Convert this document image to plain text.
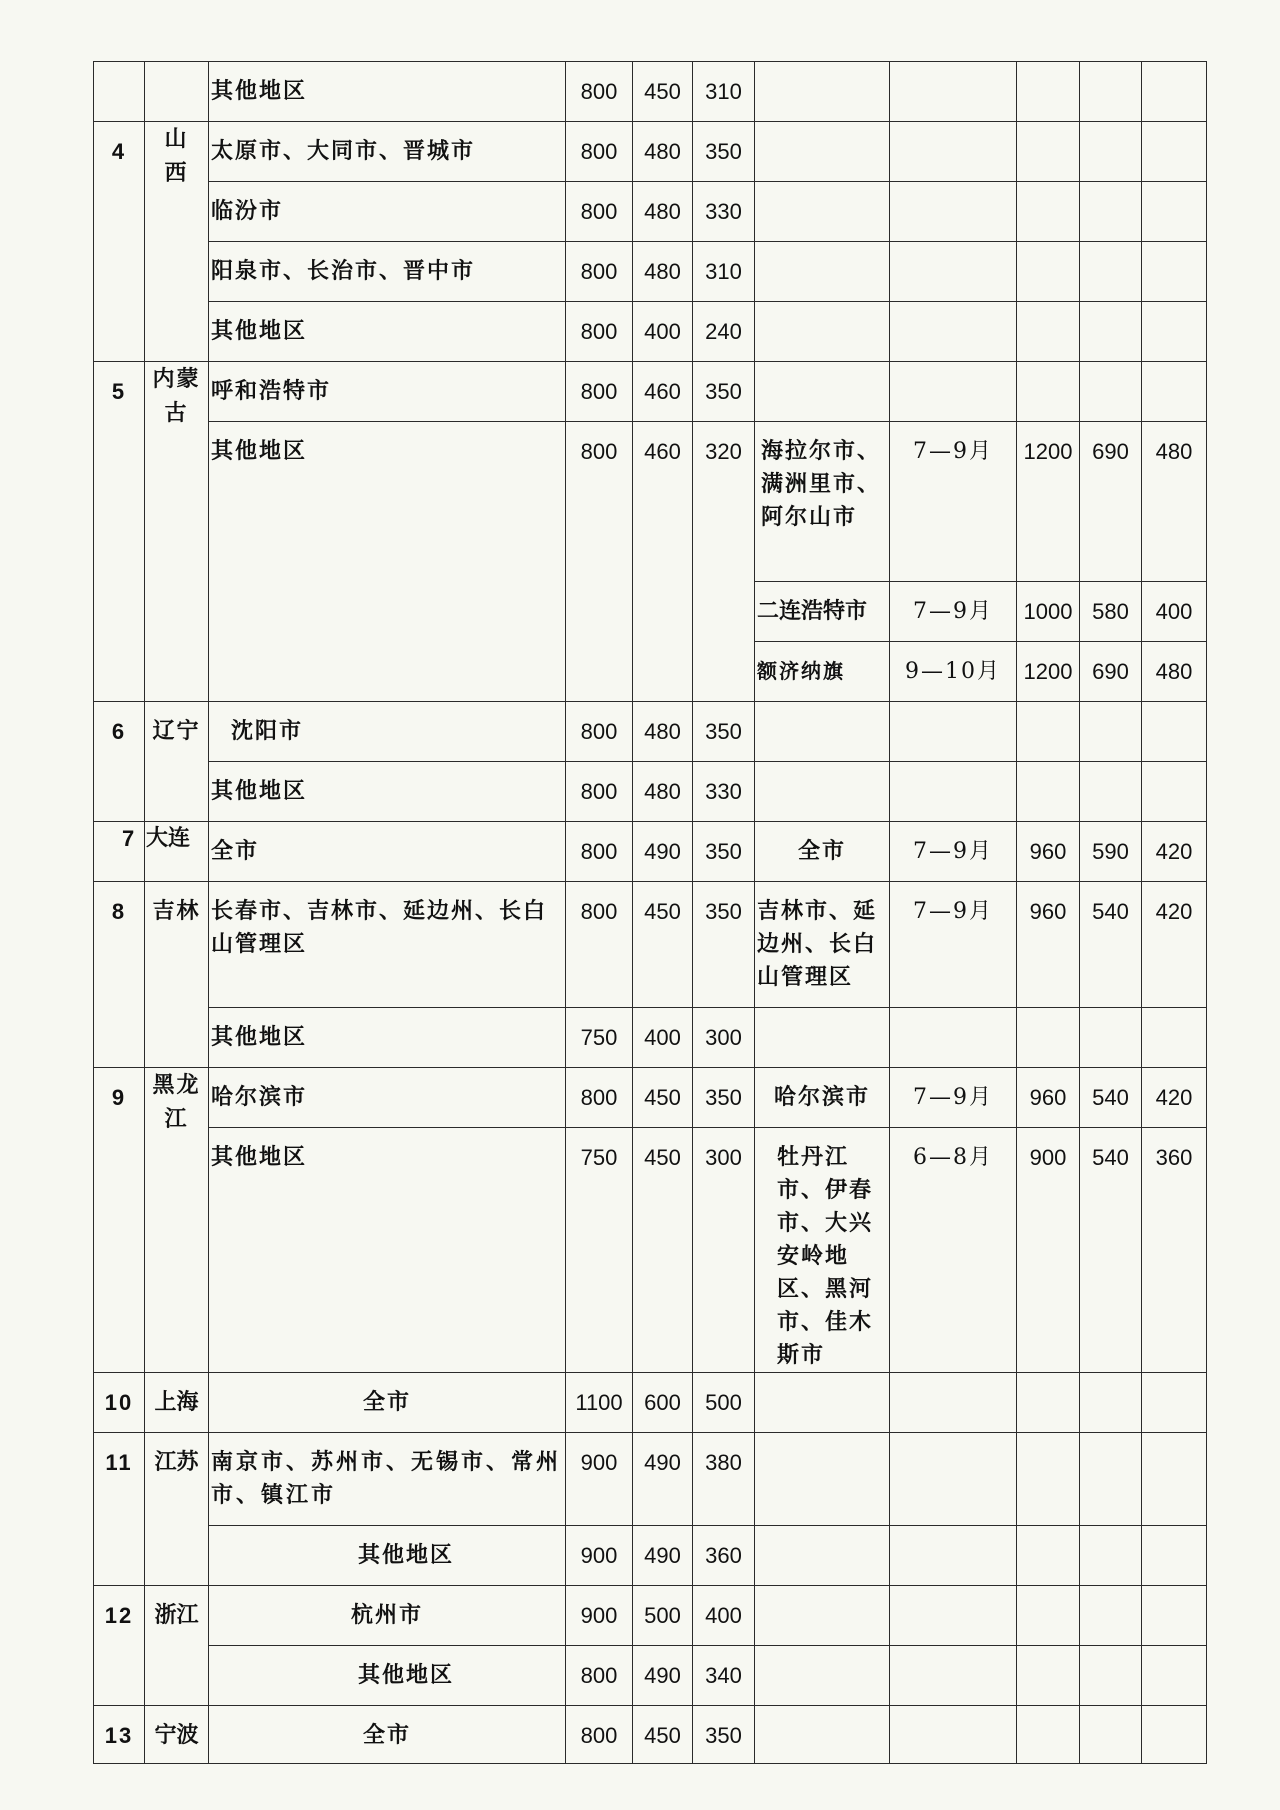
		其他地区	800	450	310					
4	山西	太原市、大同市、晋城市	800	480	350					
		临汾市	800	480	330					
		阳泉市、长治市、晋中市	800	480	310					
		其他地区	800	400	240					
5	内蒙古	呼和浩特市	800	460	350					
		其他地区	800	460	320	海拉尔市、满洲里市、阿尔山市	7—9月	1200	690	480
						二连浩特市	7—9月	1000	580	400
						额济纳旗	9—10月	1200	690	480
6	辽宁	沈阳市	800	480	350					
		其他地区	800	480	330					
7	大连	全市	800	490	350	全市	7—9月	960	590	420
8	吉林	长春市、吉林市、延边州、长白山管理区	800	450	350	吉林市、延边州、长白山管理区	7—9月	960	540	420
		其他地区	750	400	300					
9	黑龙江	哈尔滨市	800	450	350	哈尔滨市	7—9月	960	540	420
		其他地区	750	450	300	牡丹江市、伊春市、大兴安岭地区、黑河市、佳木斯市	6—8月	900	540	360
10	上海	全市	1100	600	500					
11	江苏	南京市、苏州市、无锡市、常州市、镇江市	900	490	380					
		其他地区	900	490	360					
12	浙江	杭州市	900	500	400					
		其他地区	800	490	340					
13	宁波	全市	800	450	350					
